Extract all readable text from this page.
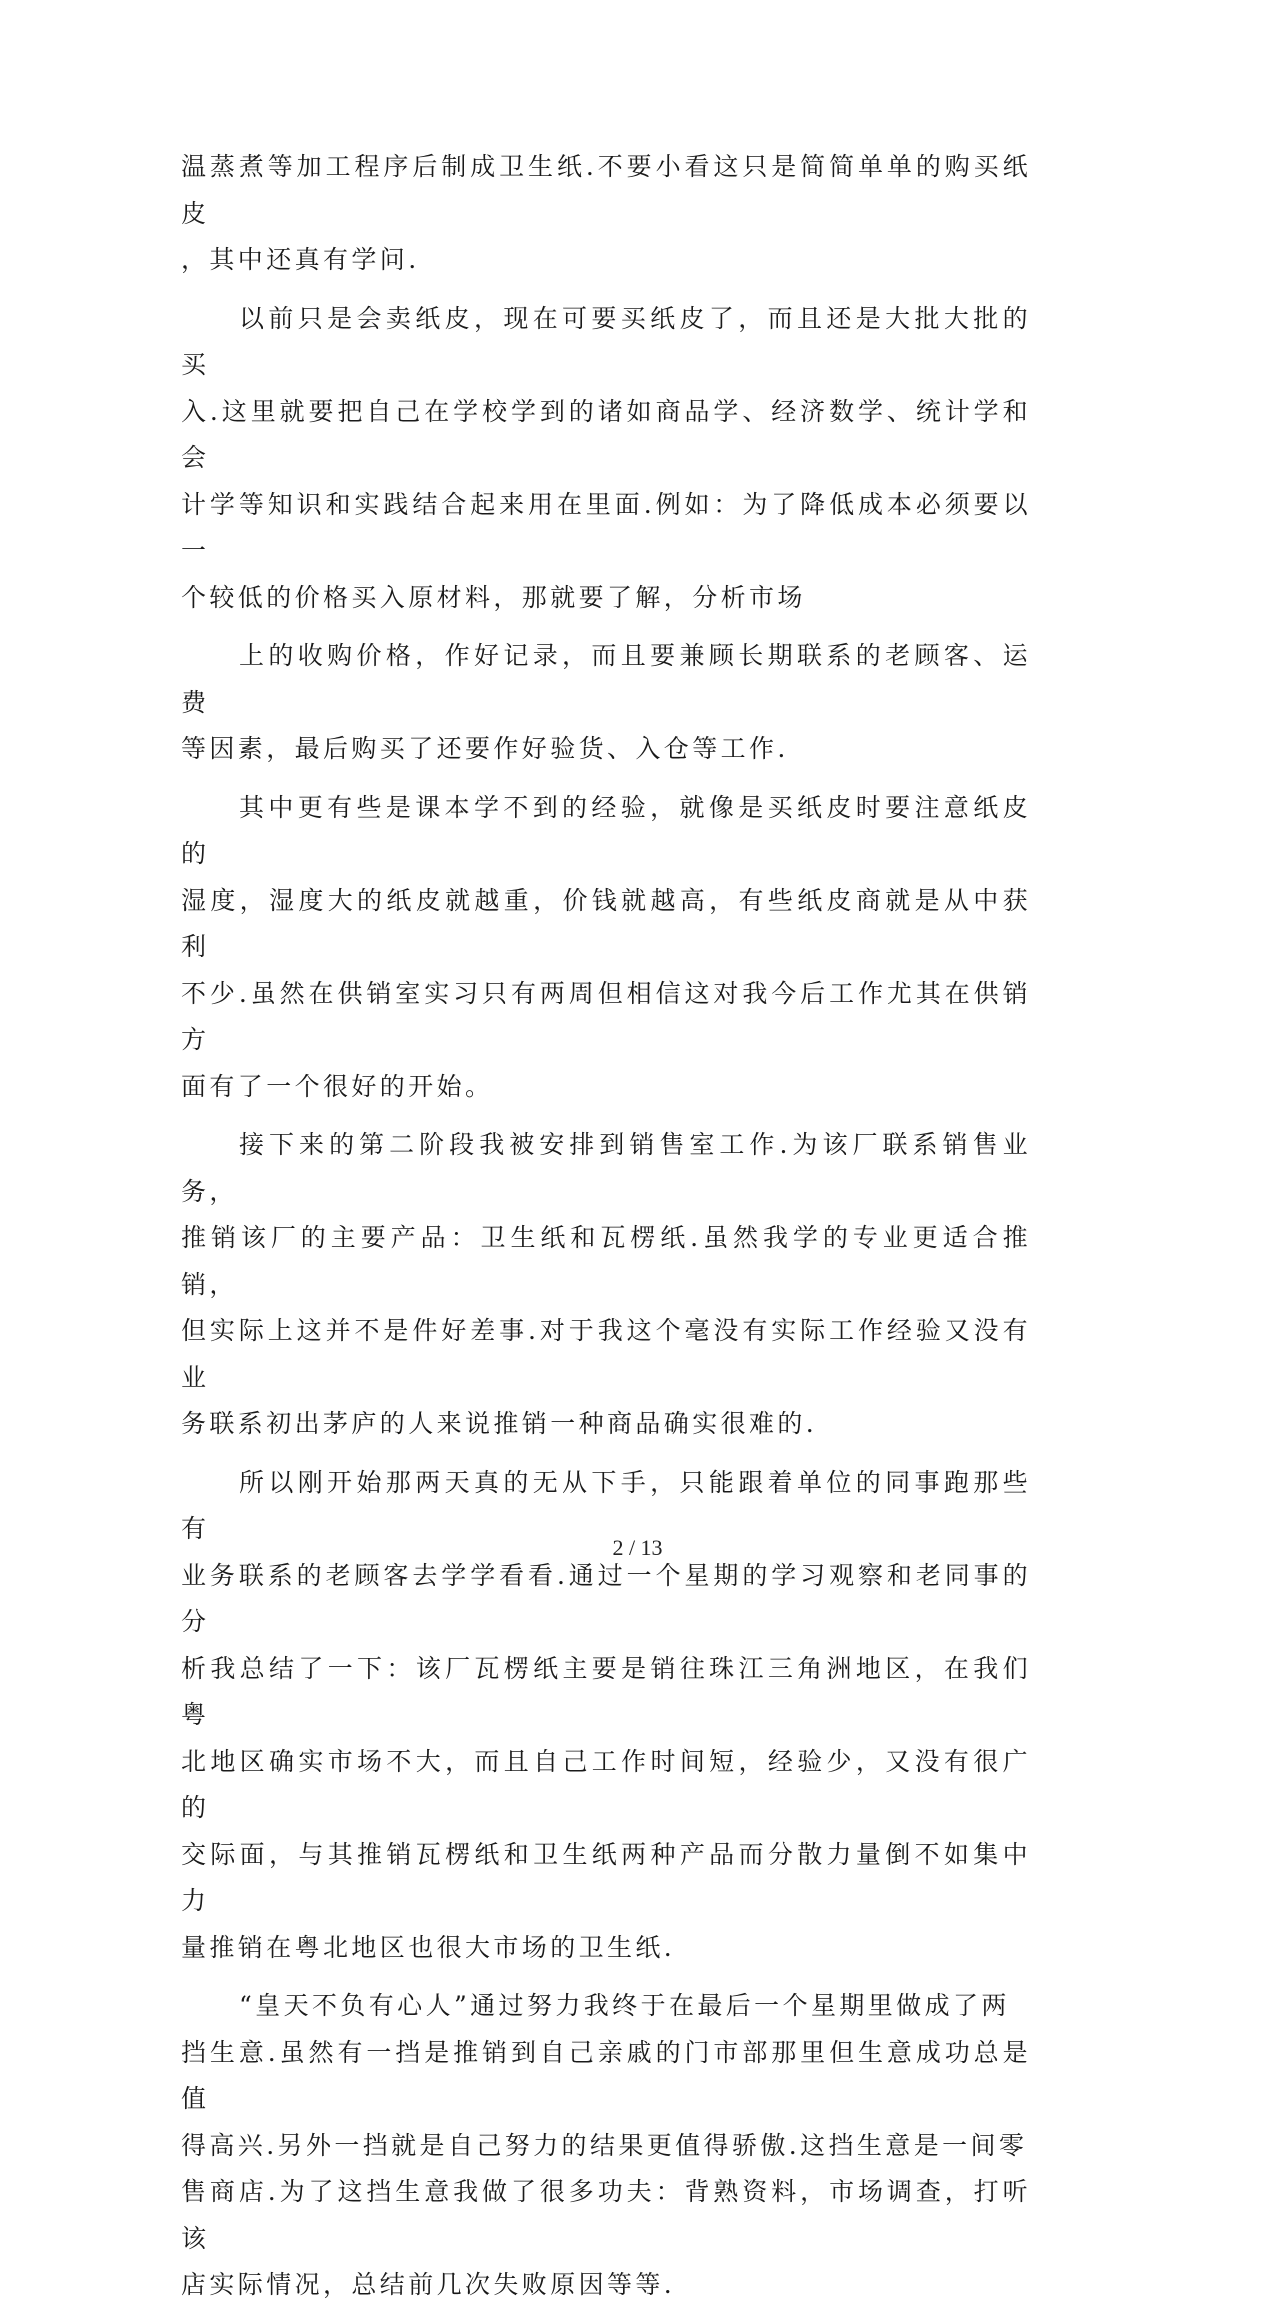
温蒸煮等加工程序后制成卫生纸.不要小看这只是简简单单的购买纸皮
，其中还真有学问.

以前只是会卖纸皮，现在可要买纸皮了，而且还是大批大批的买
入.这里就要把自己在学校学到的诸如商品学、经济数学、统计学和会
计学等知识和实践结合起来用在里面.例如：为了降低成本必须要以一
个较低的价格买入原材料，那就要了解，分析市场

上的收购价格，作好记录，而且要兼顾长期联系的老顾客、运费
等因素，最后购买了还要作好验货、入仓等工作.

其中更有些是课本学不到的经验，就像是买纸皮时要注意纸皮的
湿度，湿度大的纸皮就越重，价钱就越高，有些纸皮商就是从中获利
不少.虽然在供销室实习只有两周但相信这对我今后工作尤其在供销方
面有了一个很好的开始。

接下来的第二阶段我被安排到销售室工作.为该厂联系销售业务，
推销该厂的主要产品：卫生纸和瓦楞纸.虽然我学的专业更适合推销，
但实际上这并不是件好差事.对于我这个毫没有实际工作经验又没有业
务联系初出茅庐的人来说推销一种商品确实很难的.

所以刚开始那两天真的无从下手，只能跟着单位的同事跑那些有
业务联系的老顾客去学学看看.通过一个星期的学习观察和老同事的分
析我总结了一下：该厂瓦楞纸主要是销往珠江三角洲地区，在我们粤
北地区确实市场不大，而且自己工作时间短，经验少，又没有很广的
交际面，与其推销瓦楞纸和卫生纸两种产品而分散力量倒不如集中力
量推销在粤北地区也很大市场的卫生纸.

“皇天不负有心人”通过努力我终于在最后一个星期里做成了两
挡生意.虽然有一挡是推销到自己亲戚的门市部那里但生意成功总是值
得高兴.另外一挡就是自己努力的结果更值得骄傲.这挡生意是一间零
售商店.为了这挡生意我做了很多功夫：背熟资料，市场调查，打听该
店实际情况，总结前几次失败原因等等.

2 / 13
